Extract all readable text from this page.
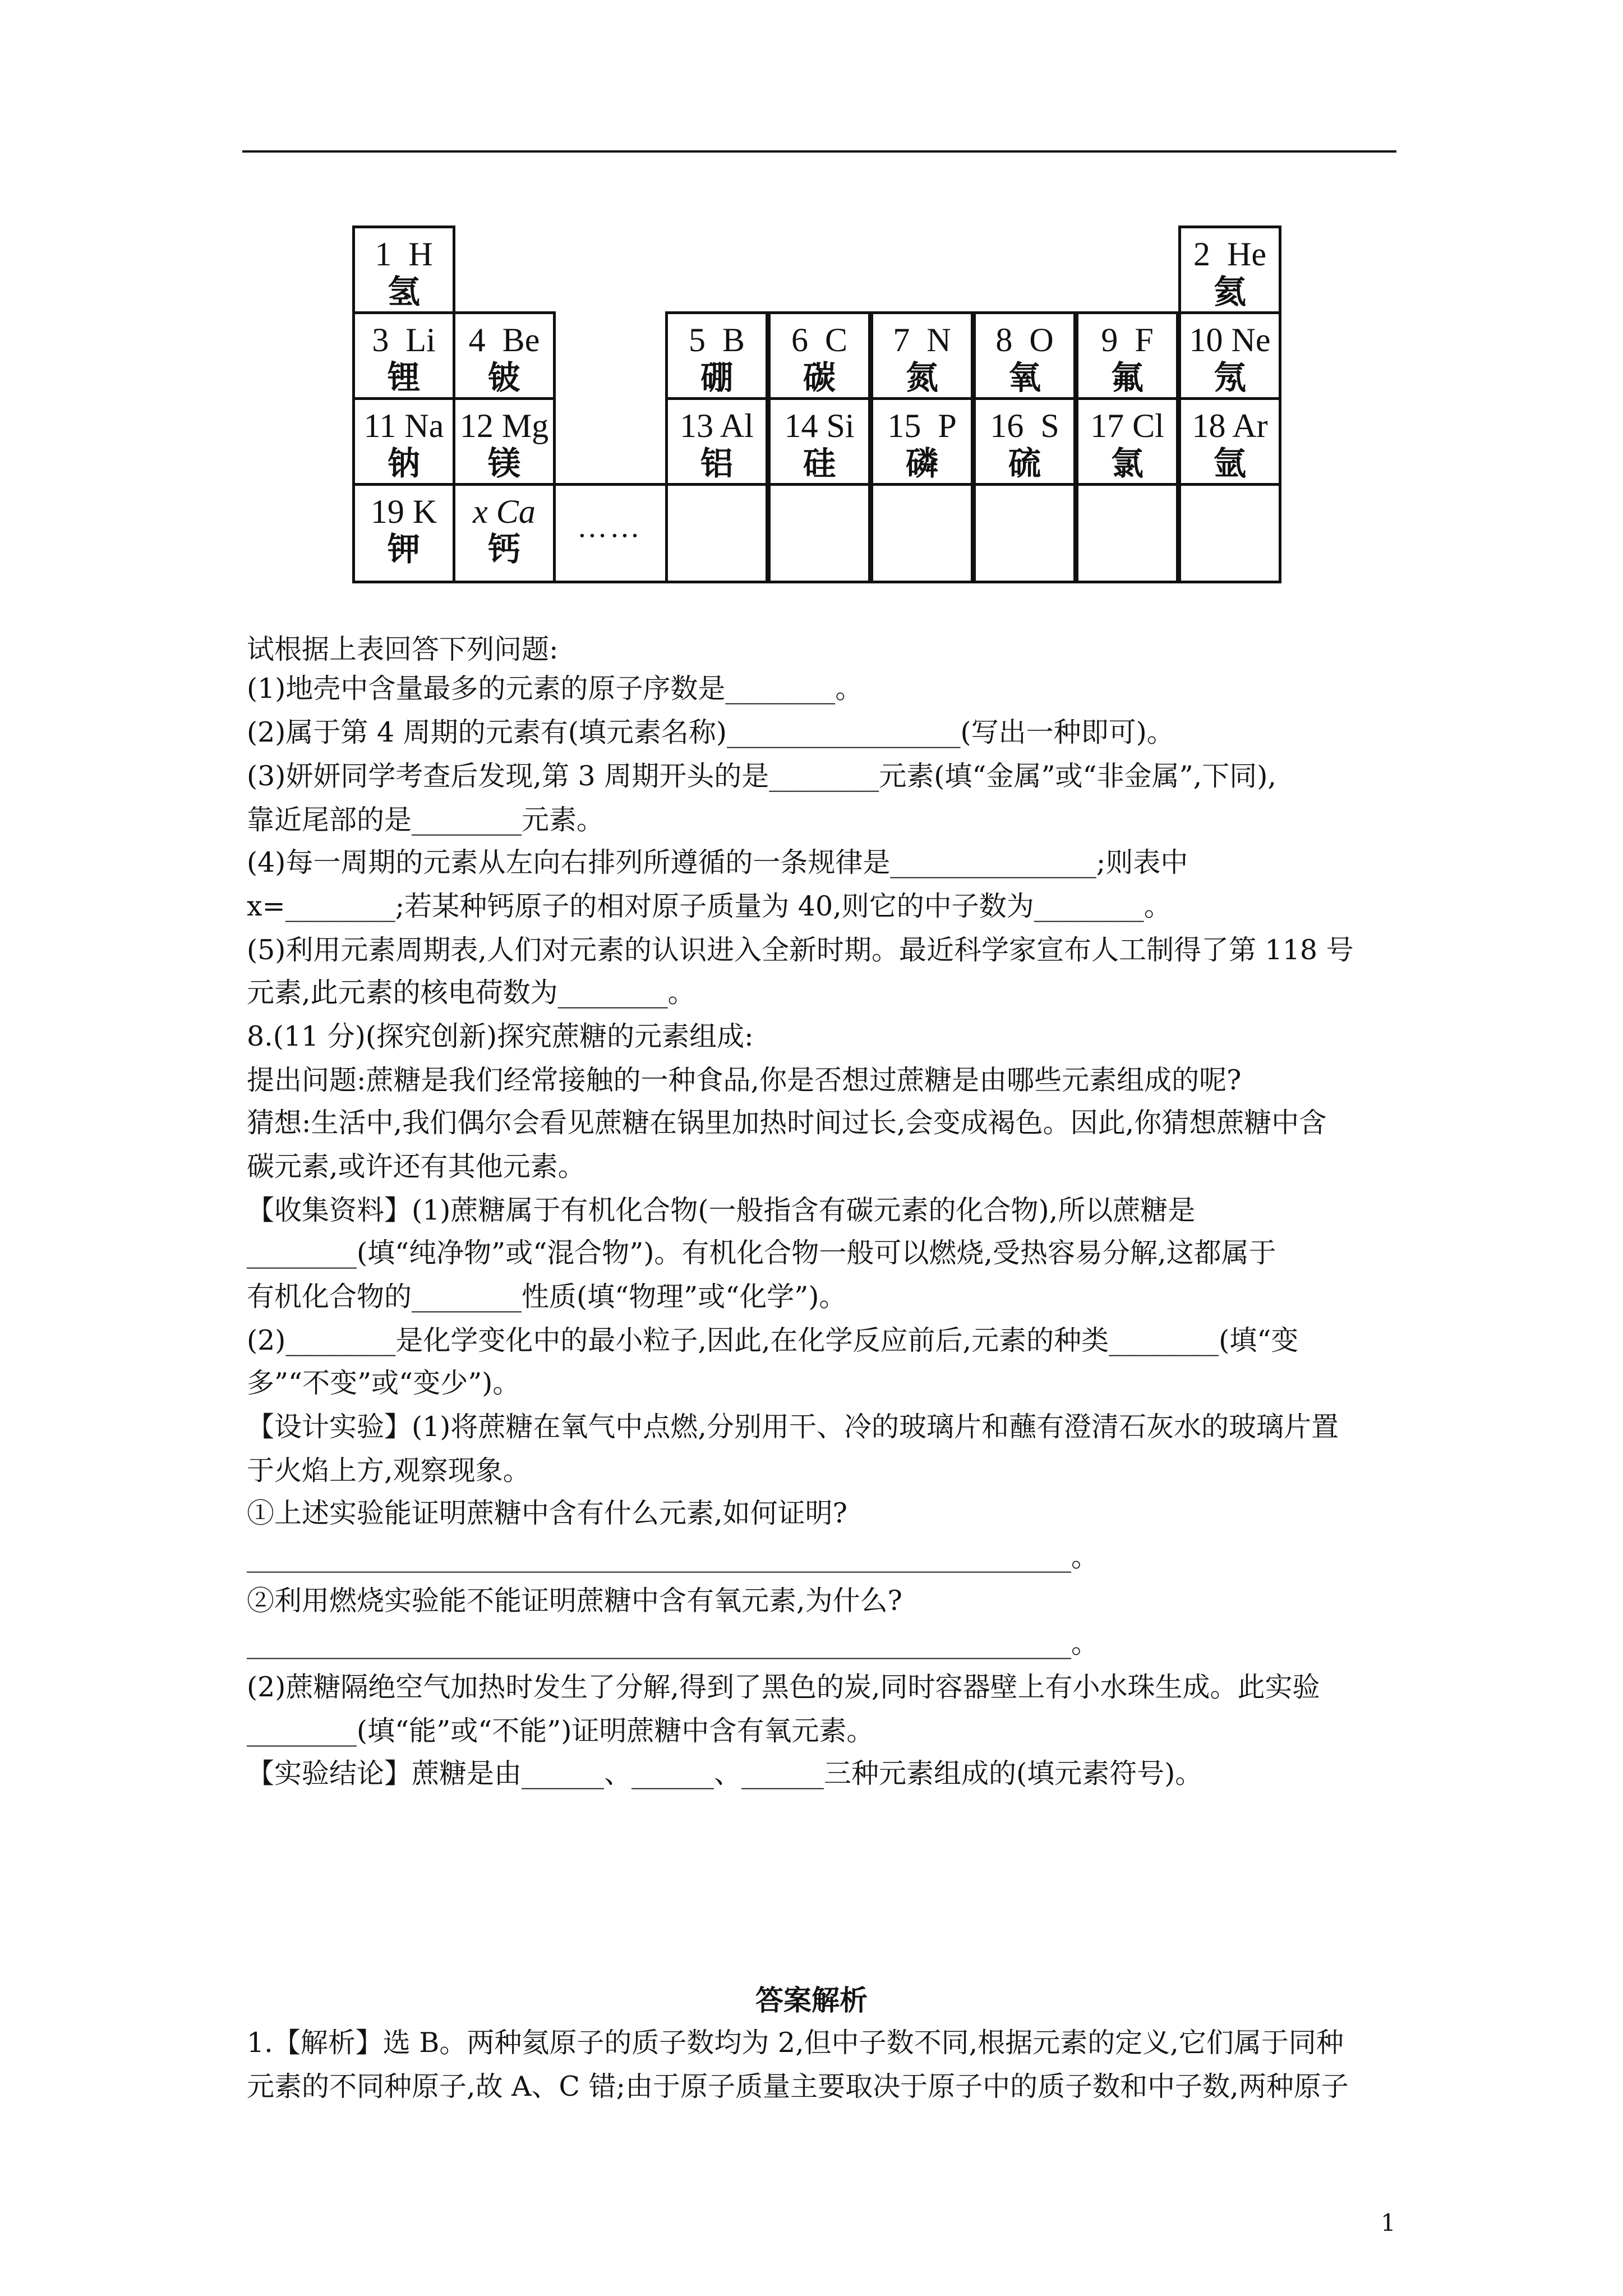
1  H
氢
2  He
氦
3  Li
锂
4  Be
铍
5  B
硼
6  C
碳
7  N
氮
8  O
氧
9  F
氟
10 Ne
氖
11 Na
钠
12 Mg
镁
13 Al
铝
14 Si
硅
15  P
磷
16  S
硫
17 Cl
氯
18 Ar
氩
19 K
钾
x Ca
钙
……
试根据上表回答下列问题:
(1)地壳中含量最多的元素的原子序数是________。
(2)属于第 4 周期的元素有(填元素名称)_________________(写出一种即可)。
(3)妍妍同学考查后发现,第 3 周期开头的是________元素(填“金属”或“非金属”,下同),
靠近尾部的是________元素。
(4)每一周期的元素从左向右排列所遵循的一条规律是_______________;则表中
x=________;若某种钙原子的相对原子质量为 40,则它的中子数为________。
(5)利用元素周期表,人们对元素的认识进入全新时期。最近科学家宣布人工制得了第 118 号
元素,此元素的核电荷数为________。
8.(11 分)(探究创新)探究蔗糖的元素组成:
提出问题:蔗糖是我们经常接触的一种食品,你是否想过蔗糖是由哪些元素组成的呢?
猜想:生活中,我们偶尔会看见蔗糖在锅里加热时间过长,会变成褐色。因此,你猜想蔗糖中含
碳元素,或许还有其他元素。
【收集资料】(1)蔗糖属于有机化合物(一般指含有碳元素的化合物),所以蔗糖是
________(填“纯净物”或“混合物”)。有机化合物一般可以燃烧,受热容易分解,这都属于
有机化合物的________性质(填“物理”或“化学”)。
(2)________是化学变化中的最小粒子,因此,在化学反应前后,元素的种类________(填“变
多”“不变”或“变少”)。
【设计实验】(1)将蔗糖在氧气中点燃,分别用干、冷的玻璃片和蘸有澄清石灰水的玻璃片置
于火焰上方,观察现象。
①上述实验能证明蔗糖中含有什么元素,如何证明?
____________________________________________________________。
②利用燃烧实验能不能证明蔗糖中含有氧元素,为什么?
____________________________________________________________。
(2)蔗糖隔绝空气加热时发生了分解,得到了黑色的炭,同时容器壁上有小水珠生成。此实验
________(填“能”或“不能”)证明蔗糖中含有氧元素。
【实验结论】蔗糖是由______、______、______三种元素组成的(填元素符号)。
答案解析
1.【解析】选 B。两种氦原子的质子数均为 2,但中子数不同,根据元素的定义,它们属于同种
元素的不同种原子,故 A、C 错;由于原子质量主要取决于原子中的质子数和中子数,两种原子
1
